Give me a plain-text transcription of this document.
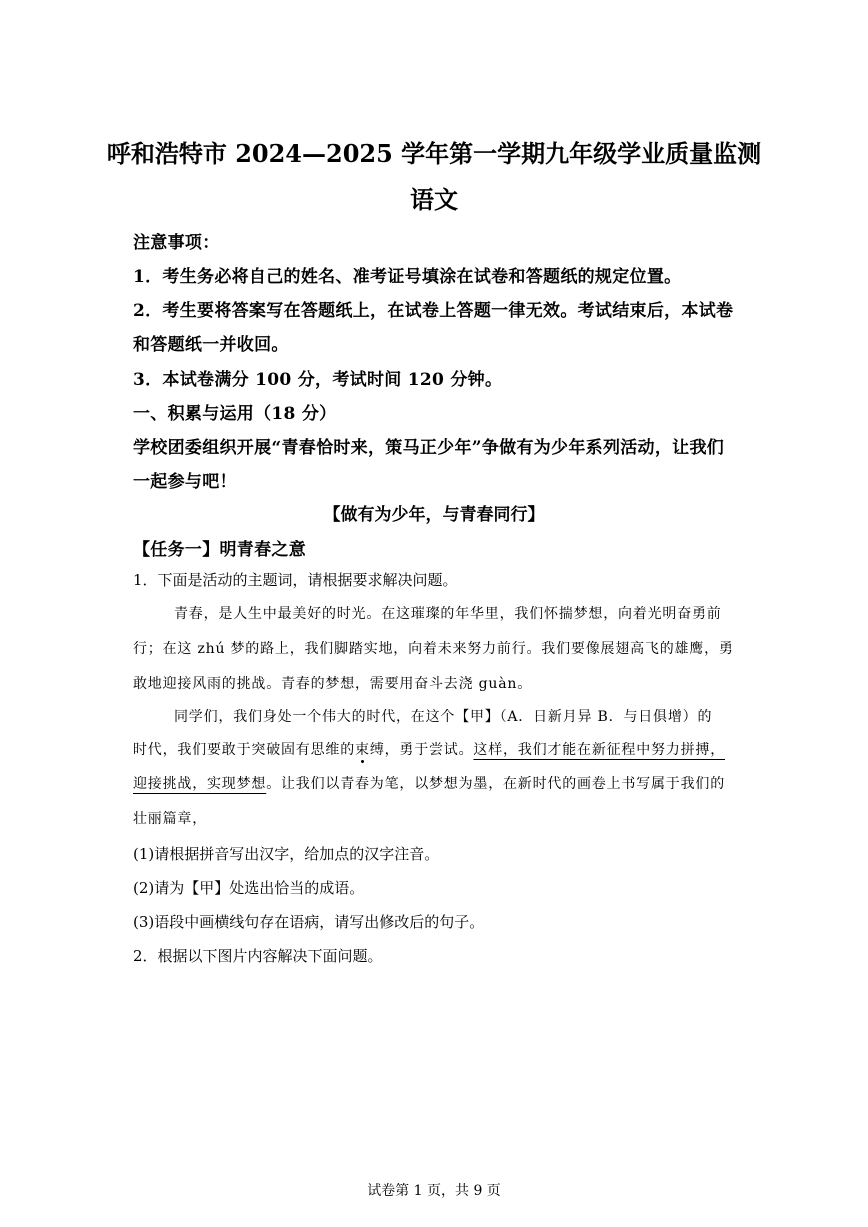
呼和浩特市 2024—2025 学年第一学期九年级学业质量监测
语文
注意事项：
1．考生务必将自己的姓名、准考证号填涂在试卷和答题纸的规定位置。
2．考生要将答案写在答题纸上，在试卷上答题一律无效。考试结束后，本试卷
和答题纸一并收回。
3．本试卷满分 100 分，考试时间 120 分钟。
一、积累与运用（18 分）
学校团委组织开展“青春恰时来，策马正少年”争做有为少年系列活动，让我们
一起参与吧！
【做有为少年，与青春同行】
【任务一】明青春之意
1．下面是活动的主题词，请根据要求解决问题。
青春，是人生中最美好的时光。在这璀璨的年华里，我们怀揣梦想，向着光明奋勇前
行；在这 zhú 梦的路上，我们脚踏实地，向着未来努力前行。我们要像展翅高飞的雄鹰，勇
敢地迎接风雨的挑战。青春的梦想，需要用奋斗去浇 guàn。
同学们，我们身处一个伟大的时代，在这个【甲】（A．日新月异 B．与日俱增）的
时代，我们要敢于突破固有思维的束缚，勇于尝试。这样，我们才能在新征程中努力拼搏，
迎接挑战，实现梦想。让我们以青春为笔，以梦想为墨，在新时代的画卷上书写属于我们的
壮丽篇章，
(1)请根据拼音写出汉字，给加点的汉字注音。
(2)请为【甲】处选出恰当的成语。
(3)语段中画横线句存在语病，请写出修改后的句子。
2．根据以下图片内容解决下面问题。
试卷第 1 页，共 9 页
